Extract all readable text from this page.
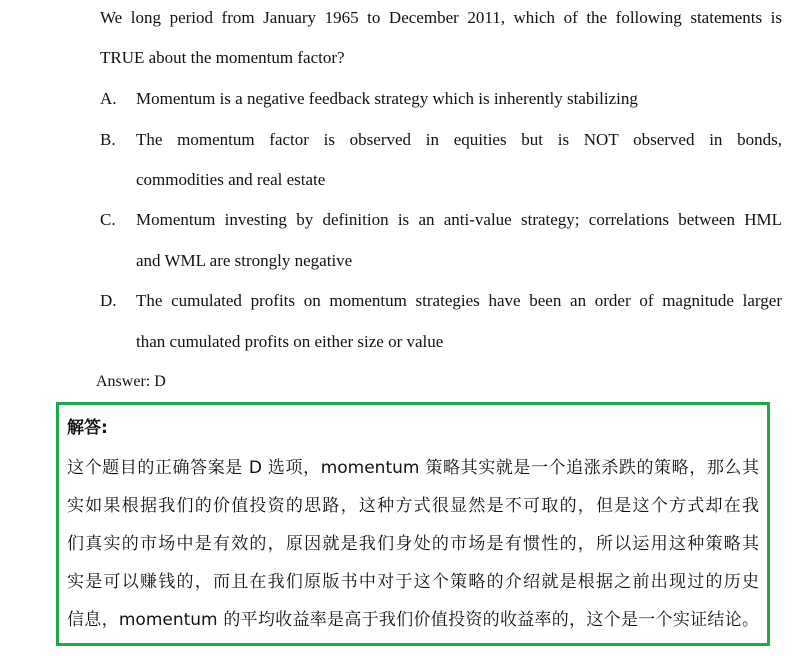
We long period from January 1965 to December 2011, which of the following statements is
TRUE about the momentum factor?
A. Momentum is a negative feedback strategy which is inherently stabilizing
B. The momentum factor is observed in equities but is NOT observed in bonds,
commodities and real estate
C. Momentum investing by definition is an anti-value strategy; correlations between HML
and WML are strongly negative
D. The cumulated profits on momentum strategies have been an order of magnitude larger
than cumulated profits on either size or value
Answer: D
解答:
这个题目的正确答案是 D 选项，momentum 策略其实就是一个追涨杀跌的策略，那么其
实如果根据我们的价值投资的思路，这种方式很显然是不可取的，但是这个方式却在我
们真实的市场中是有效的，原因就是我们身处的市场是有惯性的，所以运用这种策略其
实是可以赚钱的，而且在我们原版书中对于这个策略的介绍就是根据之前出现过的历史
信息，momentum 的平均收益率是高于我们价值投资的收益率的，这个是一个实证结论。
